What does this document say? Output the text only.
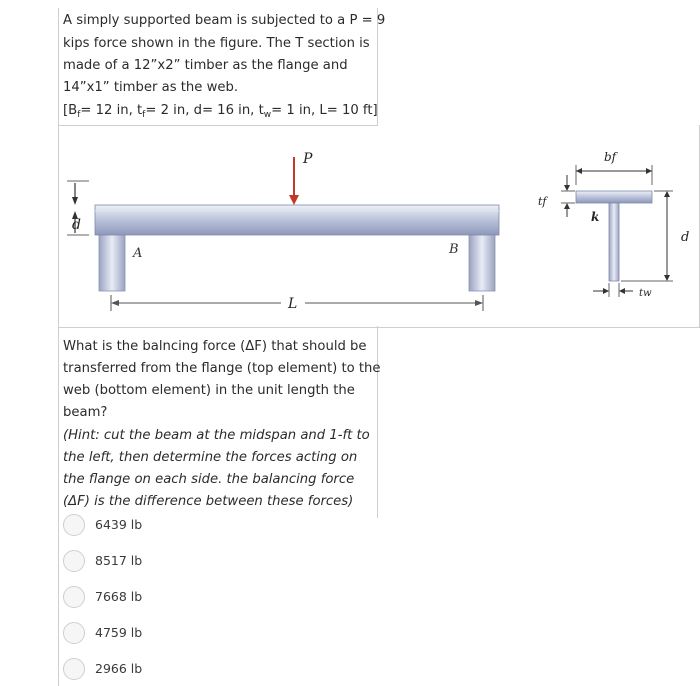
A simply supported beam is subjected to a P = 9
kips force shown in the figure. The T section is
made of a 12”x2” timber as the flange and
14”x1” timber as the web.
[$B_f= 12$ in, $t_f= 2$ in, d= 16 in, $t_w= 1$ in, L= 10 ft]
d
A	B
P
L
tf
bf
k
d
tw
What is the balncing force (ΔF) that should be
transferred from the flange (top element) to the
web (bottom element) in the unit length the
beam?
(Hint: cut the beam at the midspan and 1-ft to
the left, then determine the forces acting on
the flange on each side. the balancing force
(ΔF) is the difference between these forces)
6439 lb
8517 lb
7668 lb
4759 lb
2966 lb
